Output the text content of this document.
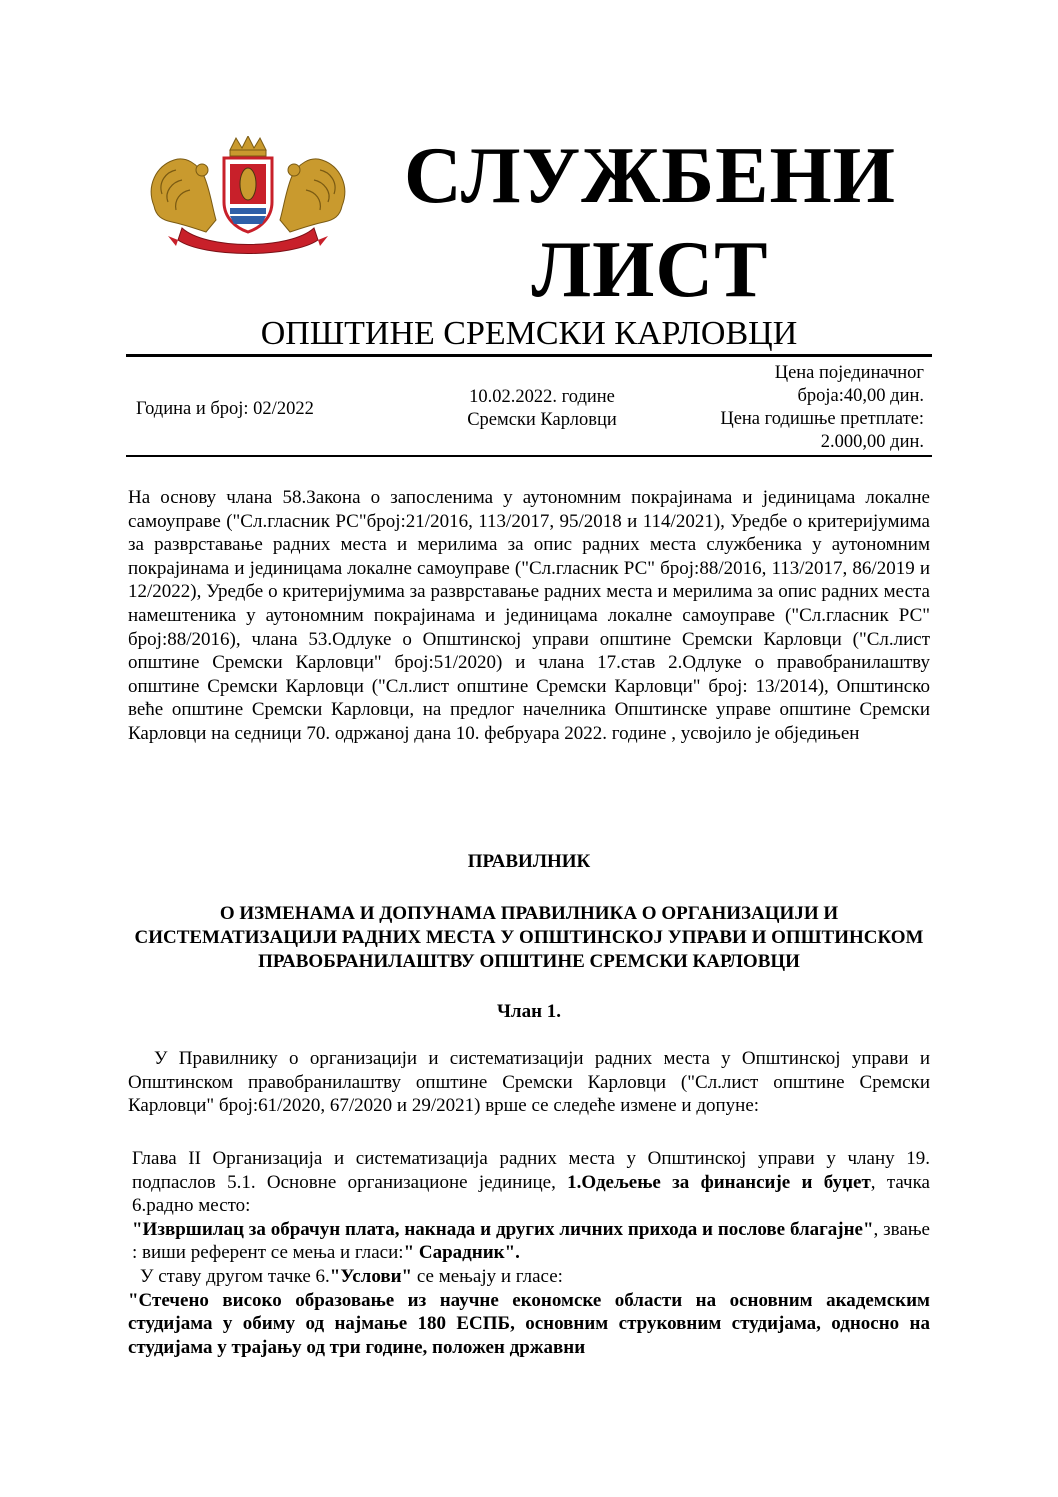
СЛУЖБЕНИ
ЛИСТ
ОПШТИНЕ СРЕМСКИ КАРЛОВЦИ
Година и број: 02/2022
10.02.2022. године
Сремски Карловци
Цена појединачног
броја:40,00 дин.
Цена годишње претплате:
2.000,00 дин.
На основу члана 58.Закона о запосленима у аутономним покрајинама и јединицама локалне самоуправе ("Сл.гласник РС"број:21/2016, 113/2017, 95/2018 и 114/2021), Уредбе о критеријумима за разврставање радних места и мерилима за опис радних места службеника у аутономним покрајинама и јединицама локалне самоуправе ("Сл.гласник РС" број:88/2016, 113/2017, 86/2019 и 12/2022), Уредбе о критеријумима за разврставање радних места и мерилима за опис радних места намештеника у аутономним покрајинама и јединицама локалне самоуправе ("Сл.гласник РС" број:88/2016), члана 53.Одлуке о Општинској управи општине Сремски Карловци ("Сл.лист општине Сремски Карловци" број:51/2020) и члана 17.став 2.Одлуке о правобранилаштву општине Сремски Карловци ("Сл.лист општине Сремски Карловци" број: 13/2014), Општинско веће општине Сремски Карловци, на предлог начелника Општинске управе општине Сремски Карловци на седници 70. одржаној дана 10. фебруара 2022. године , усвојило је обједињен
ПРАВИЛНИК
О ИЗМЕНАМА И ДОПУНАМА ПРАВИЛНИКА О ОРГАНИЗАЦИЈИ И СИСТЕМАТИЗАЦИЈИ РАДНИХ МЕСТА У ОПШТИНСКОЈ УПРАВИ И ОПШТИНСКОМ ПРАВОБРАНИЛАШТВУ ОПШТИНЕ СРЕМСКИ КАРЛОВЦИ
Члан 1.
У Правилнику о организацији и систематизацији радних места у Општинској управи и Општинском правобранилаштву општине Сремски Карловци ("Сл.лист општине Сремски Карловци" број:61/2020, 67/2020 и 29/2021) врше се следеће измене и допуне:
Глава II Организација и систематизација радних места у Општинској управи у члану 19. подпаслов 5.1. Основне организационе јединице, 1.Одељење за финансије и буџет, тачка 6.радно место:
"Извршилац за обрачун плата, накнада и других личних прихода и послове благајне", звање : виши референт се мења и гласи:" Сарадник".
У ставу другом тачке 6."Услови" се мењају и гласе:
"Стечено високо образовање из научне економске области на основним академским студијама у обиму од најмање 180 ЕСПБ, основним струковним студијама, односно на студијама у трајању од три године, положен државни
